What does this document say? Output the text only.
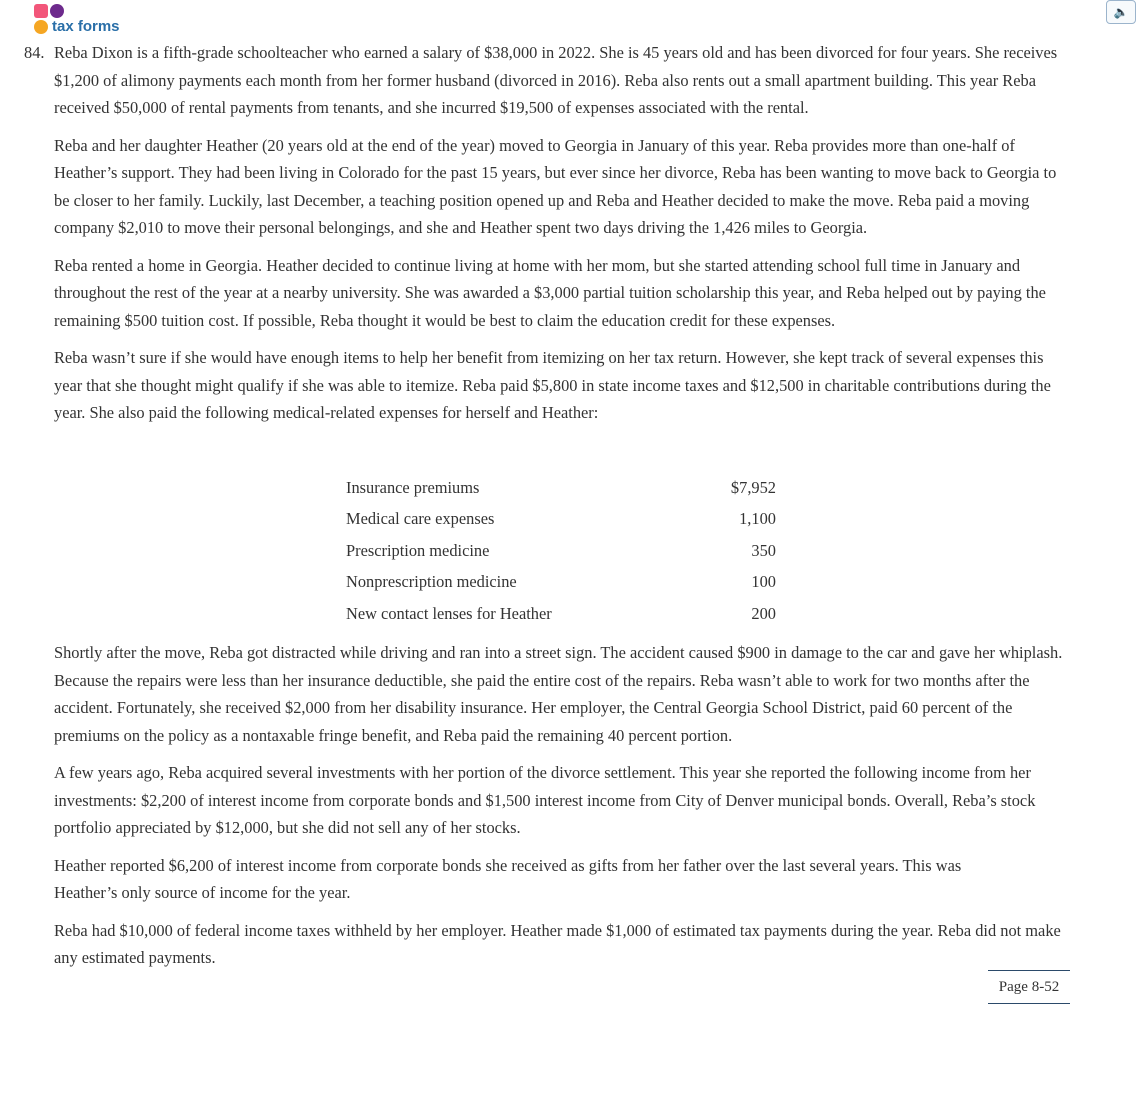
tax forms
🔈

84. Reba Dixon is a fifth-grade schoolteacher who earned a salary of $38,000 in 2022. She is 45 years old and has been divorced for four years. She receives $1,200 of alimony payments each month from her former husband (divorced in 2016). Reba also rents out a small apartment building. This year Reba received $50,000 of rental payments from tenants, and she incurred $19,500 of expenses associated with the rental.

Reba and her daughter Heather (20 years old at the end of the year) moved to Georgia in January of this year. Reba provides more than one-half of Heather’s support. They had been living in Colorado for the past 15 years, but ever since her divorce, Reba has been wanting to move back to Georgia to be closer to her family. Luckily, last December, a teaching position opened up and Reba and Heather decided to make the move. Reba paid a moving company $2,010 to move their personal belongings, and she and Heather spent two days driving the 1,426 miles to Georgia.

Reba rented a home in Georgia. Heather decided to continue living at home with her mom, but she started attending school full time in January and throughout the rest of the year at a nearby university. She was awarded a $3,000 partial tuition scholarship this year, and Reba helped out by paying the remaining $500 tuition cost. If possible, Reba thought it would be best to claim the education credit for these expenses.

Reba wasn’t sure if she would have enough items to help her benefit from itemizing on her tax return. However, she kept track of several expenses this year that she thought might qualify if she was able to itemize. Reba paid $5,800 in state income taxes and $12,500 in charitable contributions during the year. She also paid the following medical-related expenses for herself and Heather:

Insurance premiums	$7,952
Medical care expenses	1,100
Prescription medicine	350
Nonprescription medicine	100
New contact lenses for Heather	200

Shortly after the move, Reba got distracted while driving and ran into a street sign. The accident caused $900 in damage to the car and gave her whiplash. Because the repairs were less than her insurance deductible, she paid the entire cost of the repairs. Reba wasn’t able to work for two months after the accident. Fortunately, she received $2,000 from her disability insurance. Her employer, the Central Georgia School District, paid 60 percent of the premiums on the policy as a nontaxable fringe benefit, and Reba paid the remaining 40 percent portion.

A few years ago, Reba acquired several investments with her portion of the divorce settlement. This year she reported the following income from her investments: $2,200 of interest income from corporate bonds and $1,500 interest income from City of Denver municipal bonds. Overall, Reba’s stock portfolio appreciated by $12,000, but she did not sell any of her stocks.

Heather reported $6,200 of interest income from corporate bonds she received as gifts from her father over the last several years. This was Heather’s only source of income for the year.

Reba had $10,000 of federal income taxes withheld by her employer. Heather made $1,000 of estimated tax payments during the year. Reba did not make any estimated payments.

Page 8-52
